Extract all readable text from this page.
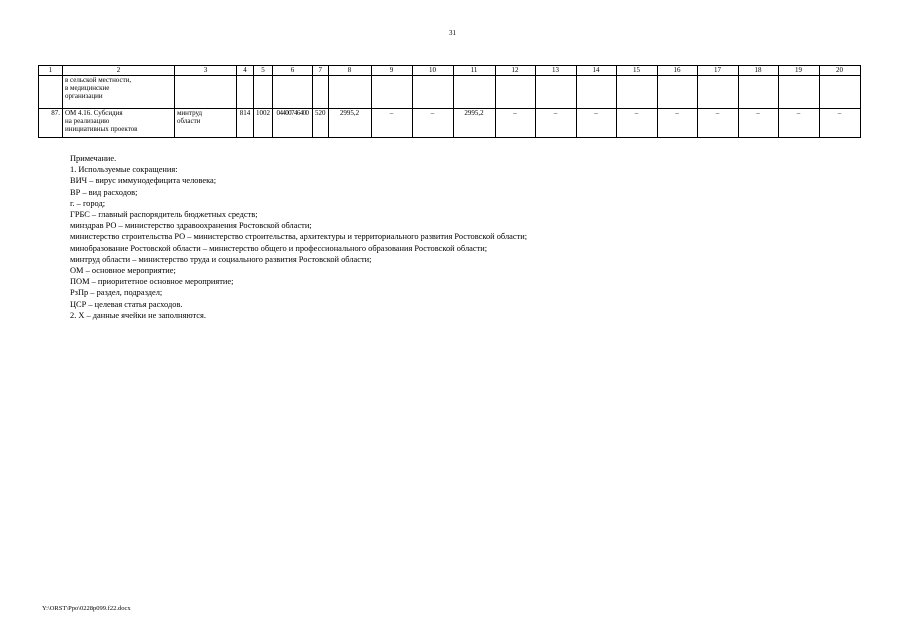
31
1	2	3	4	5	6	7	8	9	10	11	12	13	14	15	16	17	18	19	20
	в сельской местности,
в медицинские
организации																		
87.	ОМ 4.16. Субсидия
на реализацию
инициативных проектов	минтруд
области	814	1002	04400746400	520	2995,2	–	–	2995,2	–	–	–	–	–	–	–	–	–
Примечание.
1. Используемые сокращения:
ВИЧ – вирус иммунодефицита человека;
ВР – вид расходов;
г. – город;
ГРБС – главный распорядитель бюджетных средств;
минздрав РО – министерство здравоохранения Ростовской области;
министерство строительства РО – министерство строительства, архитектуры и территориального развития Ростовской области;
минобразование Ростовской области – министерство общего и профессионального образования Ростовской области;
минтруд области – министерство труда и социального развития Ростовской области;
ОМ – основное мероприятие;
ПОМ – приоритетное основное мероприятие;
РзПр – раздел, подраздел;
ЦСР – целевая статья расходов.
2. Х – данные ячейки не заполняются.
Y:\ORST\Ppo\0228p099.f22.docx
